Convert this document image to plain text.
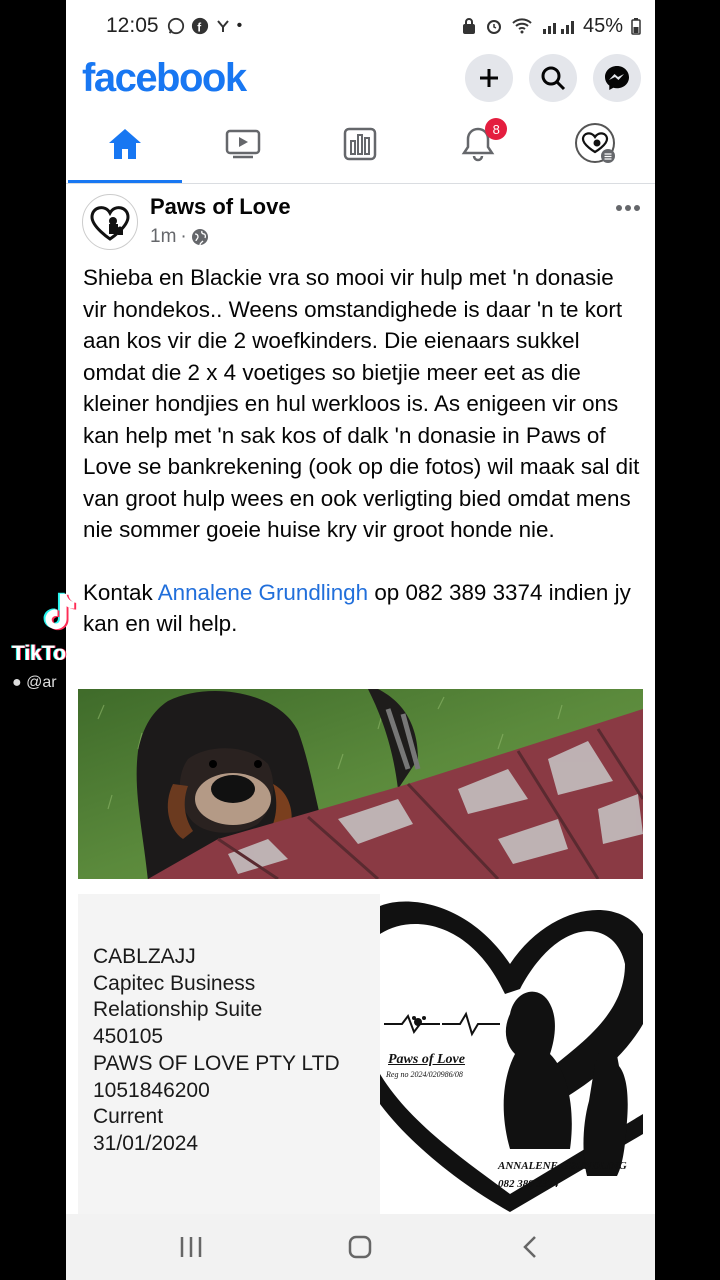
TikTo
● @ar
12:05	f •	45%
facebook
8
Paws of Love
1m ·

Shieba en Blackie vra so mooi vir hulp met 'n donasie vir hondekos.. Weens omstandighede is daar 'n te kort aan kos vir die 2 woefkinders. Die eienaars sukkel omdat die 2 x 4 voetiges so bietjie meer eet as die kleiner hondjies en hul werkloos is. As enigeen vir ons kan help met 'n sak kos of dalk 'n donasie in Paws of Love se bankrekening (ook op die fotos) wil maak sal dit van groot hulp wees en ook verligting bied omdat mens nie sommer goeie huise kry vir groot honde nie.

Kontak Annalene Grundlingh op 082 389 3374 indien jy kan en wil help.

CABLZAJJ
Capitec Business
Relationship Suite
450105
PAWS OF LOVE PTY LTD
1051846200
Current
31/01/2024
Paws of Love
Reg no 2024/020986/08
ANNALENE GRUNDLING
082 389 3374
